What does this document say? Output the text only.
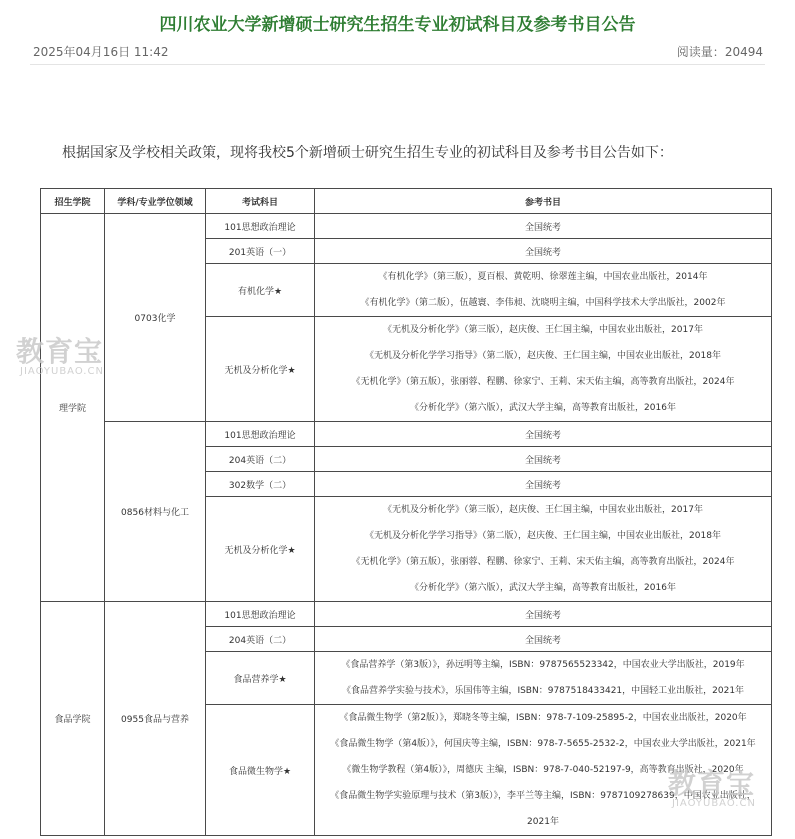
四川农业大学新增硕士研究生招生专业初试科目及参考书目公告
2025年04月16日 11:42	阅读量：20494
根据国家及学校相关政策，现将我校5个新增硕士研究生招生专业的初试科目及参考书目公告如下：
招生学院	学科/专业学位领域	考试科目	参考书目
理学院	0703化学	101思想政治理论	全国统考
		201英语（一）	全国统考
		有机化学★	《有机化学》（第三版），夏百根、黄乾明、徐翠莲主编，中国农业出版社，2014年
《有机化学》（第二版），伍越寰、李伟昶、沈晓明主编，中国科学技术大学出版社，2002年

		无机及分析化学★	《无机及分析化学》（第三版），赵庆俊、王仁国主编，中国农业出版社，2017年
《无机及分析化学学习指导》（第二版），赵庆俊、王仁国主编，中国农业出版社，2018年
《无机化学》（第五版），张丽蓉、程鹏、徐家宁、王莉、宋天佑主编，高等教育出版社，2024年
《分析化学》（第六版），武汉大学主编，高等教育出版社，2016年

	0856材料与化工	101思想政治理论	全国统考
		204英语（二）	全国统考
		302数学（二）	全国统考
		无机及分析化学★	《无机及分析化学》（第三版），赵庆俊、王仁国主编，中国农业出版社，2017年
《无机及分析化学学习指导》（第二版），赵庆俊、王仁国主编，中国农业出版社，2018年
《无机化学》（第五版），张丽蓉、程鹏、徐家宁、王莉、宋天佑主编，高等教育出版社，2024年
《分析化学》（第六版），武汉大学主编，高等教育出版社，2016年

食品学院	0955食品与营养	101思想政治理论	全国统考
		204英语（二）	全国统考
		食品营养学★	《食品营养学（第3版）》，孙远明等主编，ISBN：9787565523342，中国农业大学出版社，2019年
《食品营养学实验与技术》，乐国伟等主编，ISBN：9787518433421，中国轻工业出版社，2021年

		食品微生物学★	《食品微生物学（第2版）》，郑晓冬等主编，ISBN：978-7-109-25895-2，中国农业出版社，2020年
《食品微生物学（第4版）》，何国庆等主编，ISBN：978-7-5655-2532-2，中国农业大学出版社，2021年
《微生物学教程（第4版）》，周德庆 主编，ISBN：978-7-040-52197-9，高等教育出版社，2020年
《食品微生物学实验原理与技术（第3版）》，李平兰等主编，ISBN：9787109278639，中国农业出版社，
2021年
教育宝
JIAOYUBAO.CN
教育宝
JIAOYUBAO.CN
